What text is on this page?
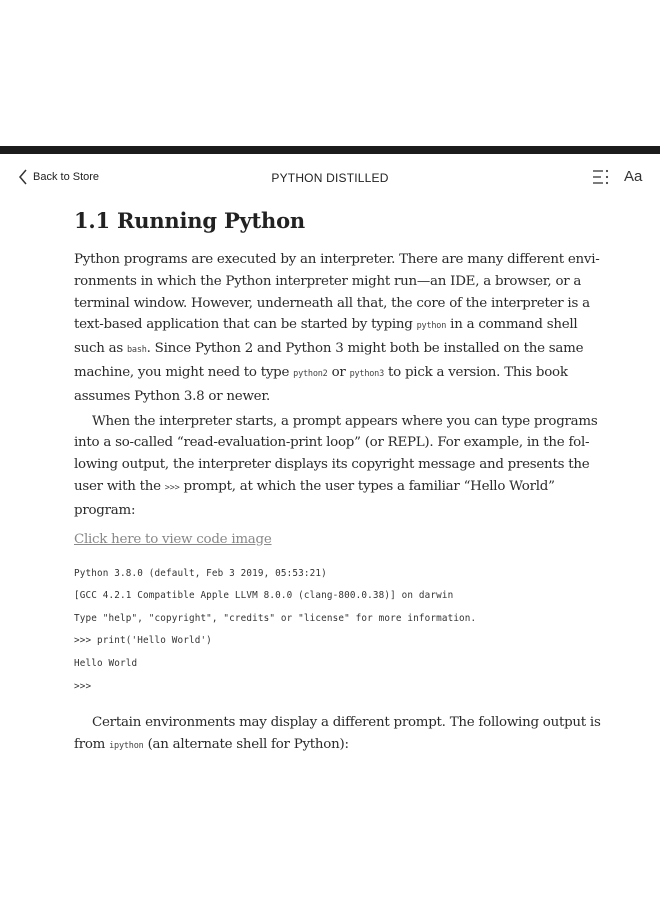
Back to Store	PYTHON DISTILLED	Aa
1.1 Running Python

Python programs are executed by an interpreter. There are many different envi-ronments in which the Python interpreter might run—an IDE, a browser, or a terminal window. However, underneath all that, the core of the interpreter is a text-based application that can be started by typing python in a command shell such as bash. Since Python 2 and Python 3 might both be installed on the same machine, you might need to type python2 or python3 to pick a version. This book assumes Python 3.8 or newer.

When the interpreter starts, a prompt appears where you can type programs into a so-called “read-evaluation-print loop” (or REPL). For example, in the fol-lowing output, the interpreter displays its copyright message and presents the user with the >>> prompt, at which the user types a familiar “Hello World” program:

Click here to view code image
Python 3.8.0 (default, Feb 3 2019, 05:53:21)
[GCC 4.2.1 Compatible Apple LLVM 8.0.0 (clang-800.0.38)] on darwin
Type "help", "copyright", "credits" or "license" for more information.
>>> print('Hello World')
Hello World
>>>

Certain environments may display a different prompt. The following output is from ipython (an alternate shell for Python):
